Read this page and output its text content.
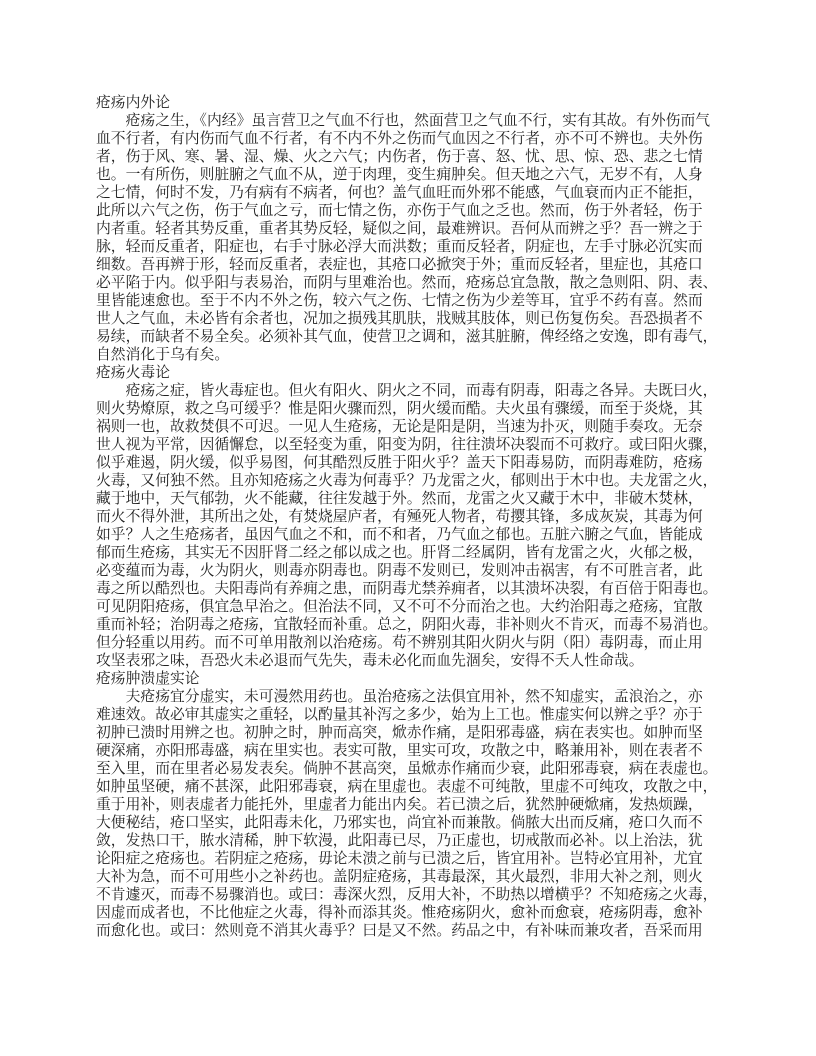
疮疡内外论
　　疮疡之生，《内经》虽言营卫之气血不行也，然面营卫之气血不行，实有其故。有外伤而气
血不行者，有内伤而气血不行者，有不内不外之伤而气血因之不行者，亦不可不辨也。夫外伤
者，伤于风、寒、暑、湿、燥、火之六气；内伤者，伤于喜、怒、忧、思、惊、恐、悲之七情
也。一有所伤，则脏腑之气血不从，逆于肉理，变生痈肿矣。但天地之六气，无岁不有，人身
之七情，何时不发，乃有病有不病者，何也？盖气血旺而外邪不能感，气血衰而内正不能拒，
此所以六气之伤，伤于气血之亏，而七情之伤，亦伤于气血之乏也。然而，伤于外者轻，伤于
内者重。轻者其势反重，重者其势反轻，疑似之间，最难辨识。吾何从而辨之乎？吾一辨之于
脉，轻而反重者，阳症也，右手寸脉必浮大而洪数；重而反轻者，阴症也，左手寸脉必沉实而
细数。吾再辨于形，轻而反重者，表症也，其疮口必掀突于外；重而反轻者，里症也，其疮口
必平陷于内。似乎阳与表易治，而阴与里难治也。然而，疮疡总宜急散，散之急则阳、阴、表、
里皆能速愈也。至于不内不外之伤，较六气之伤、七情之伤为少差等耳，宜乎不药有喜。然而
世人之气血，未必皆有余者也，况加之损残其肌肤，戕贼其肢体，则已伤复伤矣。吾恐损者不
易续，而缺者不易全矣。必须补其气血，使营卫之调和，滋其脏腑，俾经络之安逸，即有毒气，
自然消化于乌有矣。
疮疡火毒论
　　疮疡之症，皆火毒症也。但火有阳火、阴火之不同，而毒有阴毒，阳毒之各异。夫既曰火，
则火势燎原，救之乌可缓乎？惟是阳火骤而烈，阴火缓而酷。夫火虽有骤缓，而至于炎烧，其
祸则一也，故救焚俱不可迟。一见人生疮疡，无论是阳是阴，当速为扑灭，则随手奏攻。无奈
世人视为平常，因循懈怠，以至轻变为重，阳变为阴，往往溃坏决裂而不可救疗。或曰阳火骤，
似乎难遏，阴火缓，似乎易图，何其酷烈反胜于阳火乎？盖天下阳毒易防，而阴毒难防，疮疡
火毒，又何独不然。且亦知疮疡之火毒为何毒乎？乃龙雷之火，郁则出于木中也。夫龙雷之火，
藏于地中，天气郁勃，火不能藏，往往发越于外。然而，龙雷之火又藏于木中，非破木焚林，
而火不得外泄，其所出之处，有焚烧屋庐者，有殛死人物者，苟撄其锋，多成灰炭，其毒为何
如乎？人之生疮疡者，虽因气血之不和，而不和者，乃气血之郁也。五脏六腑之气血，皆能成
郁而生疮疡，其实无不因肝肾二经之郁以成之也。肝肾二经属阴，皆有龙雷之火，火郁之极，
必变蕴而为毒，火为阴火，则毒亦阴毒也。阴毒不发则已，发则冲击祸害，有不可胜言者，此
毒之所以酷烈也。夫阳毒尚有养痈之患，而阴毒尤禁养痈者，以其溃坏决裂，有百倍于阳毒也。
可见阴阳疮疡，俱宜急早治之。但治法不同，又不可不分而治之也。大约治阳毒之疮疡，宜散
重而补轻；治阴毒之疮疡，宜散轻而补重。总之，阴阳火毒，非补则火不肯灭，而毒不易消也。
但分轻重以用药。而不可单用散剂以治疮疡。苟不辨别其阳火阴火与阴（阳）毒阴毒，而止用
攻坚表邪之味，吾恐火未必退而气先失，毒未必化而血先涸矣，安得不夭人性命哉。
疮疡肿溃虚实论
　　夫疮疡宜分虚实，未可漫然用药也。虽治疮疡之法俱宜用补，然不知虚实，孟浪治之，亦
难速效。故必审其虚实之重轻，以酌量其补泻之多少，始为上工也。惟虚实何以辨之乎？亦于
初肿已溃时用辨之也。初肿之时，肿而高突，焮赤作痛，是阳邪毒盛，病在表实也。如肿而坚
硬深痛，亦阳邢毒盛，病在里实也。表实可散，里实可攻，攻散之中，略兼用补，则在表者不
至入里，而在里者必易发表矣。倘肿不甚高突，虽焮赤作痛而少衰，此阳邪毒衰，病在表虚也。
如肿虽坚硬，痛不甚深，此阳邪毒衰，病在里虚也。表虚不可纯散，里虚不可纯攻，攻散之中，
重于用补，则表虚者力能托外，里虚者力能出内矣。若已溃之后，犹然肿硬焮痛，发热烦躁，
大便秘结，疮口坚实，此阳毒未化，乃邪实也，尚宜补而兼散。倘脓大出而反痛，疮口久而不
敛，发热口干，脓水清稀，肿下软漫，此阳毒已尽，乃正虚也，切戒散而必补。以上治法，犹
论阳症之疮疡也。若阴症之疮疡，毋论未溃之前与已溃之后，皆宜用补。岂特必宜用补，尤宜
大补为急，而不可用些小之补药也。盖阴症疮疡，其毒最深，其火最烈，非用大补之剂，则火
不肯遽灭，而毒不易骤消也。或曰：毒深火烈，反用大补，不助热以增横乎？不知疮疡之火毒，
因虚而成者也，不比他症之火毒，得补而添其炎。惟疮疡阴火，愈补而愈衰，疮疡阴毒，愈补
而愈化也。或曰：然则竟不消其火毒乎？曰是又不然。药品之中，有补味而兼攻者，吾采而用
